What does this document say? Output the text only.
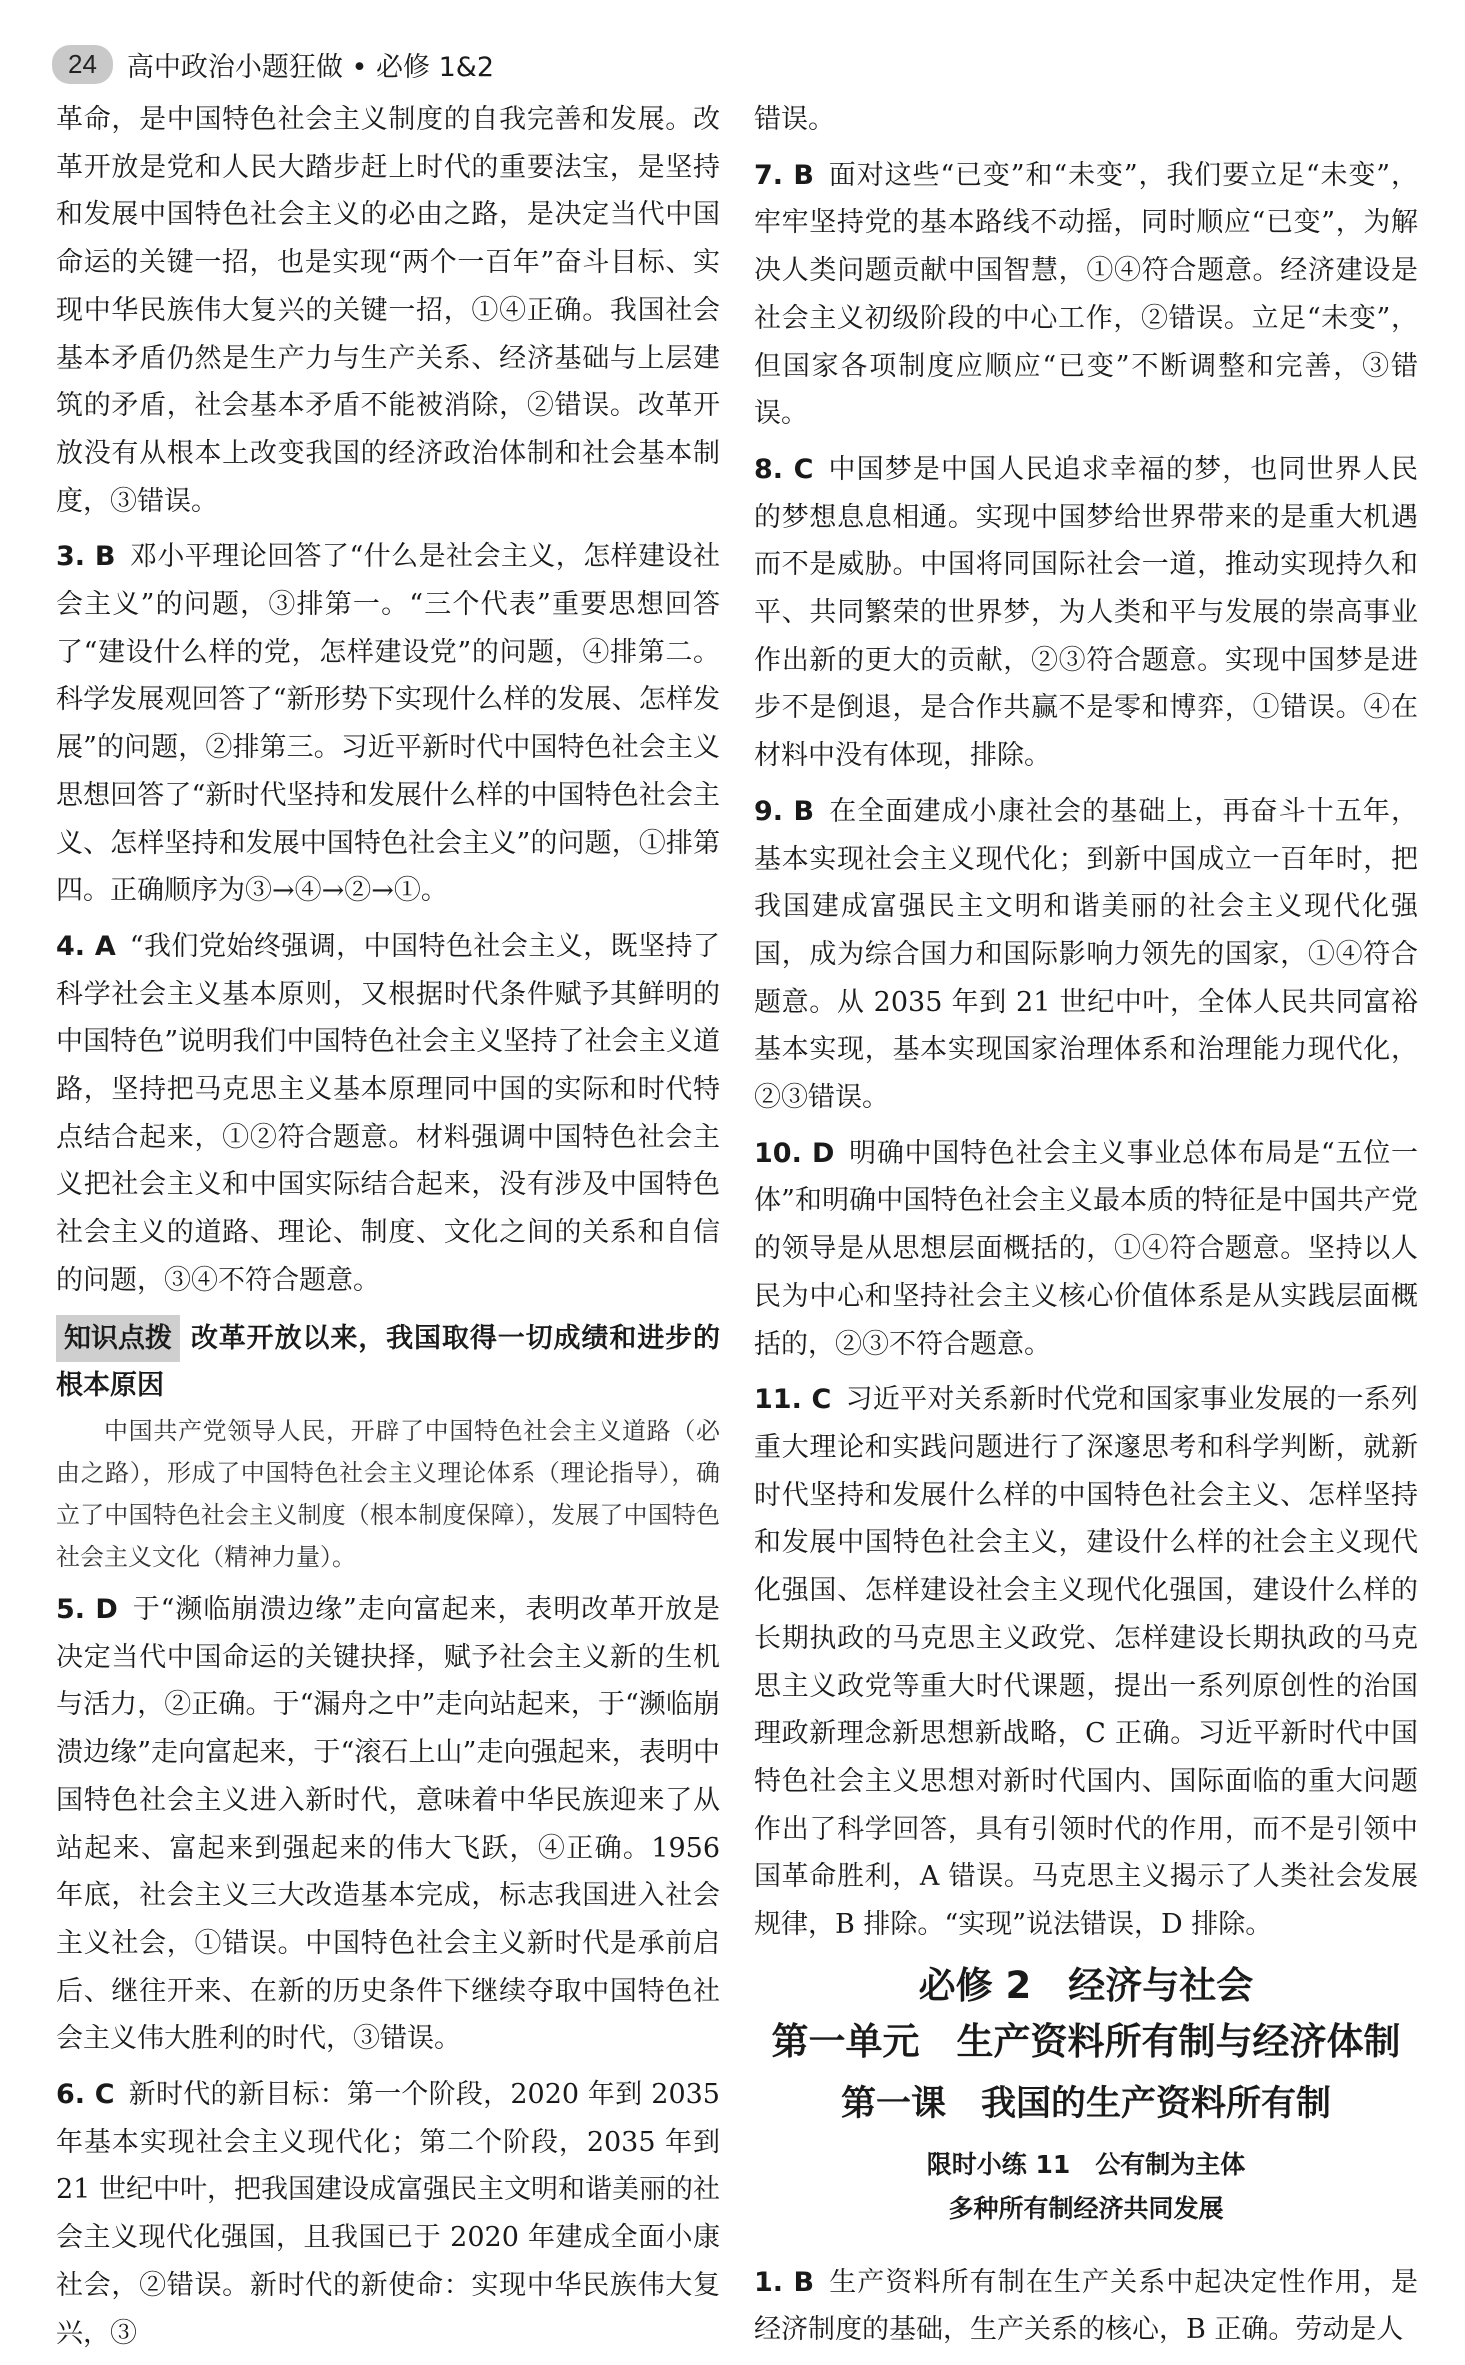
24	高中政治小题狂做 • 必修 1&2

革命，是中国特色社会主义制度的自我完善和发展。改革开放是党和人民大踏步赶上时代的重要法宝，是坚持和发展中国特色社会主义的必由之路，是决定当代中国命运的关键一招，也是实现“两个一百年”奋斗目标、实现中华民族伟大复兴的关键一招，①④正确。我国社会基本矛盾仍然是生产力与生产关系、经济基础与上层建筑的矛盾，社会基本矛盾不能被消除，②错误。改革开放没有从根本上改变我国的经济政治体制和社会基本制度，③错误。

3. B 邓小平理论回答了“什么是社会主义，怎样建设社会主义”的问题，③排第一。“三个代表”重要思想回答了“建设什么样的党，怎样建设党”的问题，④排第二。科学发展观回答了“新形势下实现什么样的发展、怎样发展”的问题，②排第三。习近平新时代中国特色社会主义思想回答了“新时代坚持和发展什么样的中国特色社会主义、怎样坚持和发展中国特色社会主义”的问题，①排第四。正确顺序为③→④→②→①。

4. A “我们党始终强调，中国特色社会主义，既坚持了科学社会主义基本原则，又根据时代条件赋予其鲜明的中国特色”说明我们中国特色社会主义坚持了社会主义道路，坚持把马克思主义基本原理同中国的实际和时代特点结合起来，①②符合题意。材料强调中国特色社会主义把社会主义和中国实际结合起来，没有涉及中国特色社会主义的道路、理论、制度、文化之间的关系和自信的问题，③④不符合题意。

知识点拨 改革开放以来，我国取得一切成绩和进步的根本原因

中国共产党领导人民，开辟了中国特色社会主义道路（必由之路），形成了中国特色社会主义理论体系（理论指导），确立了中国特色社会主义制度（根本制度保障），发展了中国特色社会主义文化（精神力量）。

5. D 于“濒临崩溃边缘”走向富起来，表明改革开放是决定当代中国命运的关键抉择，赋予社会主义新的生机与活力，②正确。于“漏舟之中”走向站起来，于“濒临崩溃边缘”走向富起来，于“滚石上山”走向强起来，表明中国特色社会主义进入新时代，意味着中华民族迎来了从站起来、富起来到强起来的伟大飞跃，④正确。1956 年底，社会主义三大改造基本完成，标志我国进入社会主义社会，①错误。中国特色社会主义新时代是承前启后、继往开来、在新的历史条件下继续夺取中国特色社会主义伟大胜利的时代，③错误。

6. C 新时代的新目标：第一个阶段，2020 年到 2035 年基本实现社会主义现代化；第二个阶段，2035 年到 21 世纪中叶，把我国建设成富强民主文明和谐美丽的社会主义现代化强国，且我国已于 2020 年建成全面小康社会，②错误。新时代的新使命：实现中华民族伟大复兴，③

错误。

7. B 面对这些“已变”和“未变”，我们要立足“未变”，牢牢坚持党的基本路线不动摇，同时顺应“已变”，为解决人类问题贡献中国智慧，①④符合题意。经济建设是社会主义初级阶段的中心工作，②错误。立足“未变”，但国家各项制度应顺应“已变”不断调整和完善，③错误。

8. C 中国梦是中国人民追求幸福的梦，也同世界人民的梦想息息相通。实现中国梦给世界带来的是重大机遇而不是威胁。中国将同国际社会一道，推动实现持久和平、共同繁荣的世界梦，为人类和平与发展的崇高事业作出新的更大的贡献，②③符合题意。实现中国梦是进步不是倒退，是合作共赢不是零和博弈，①错误。④在材料中没有体现，排除。

9. B 在全面建成小康社会的基础上，再奋斗十五年，基本实现社会主义现代化；到新中国成立一百年时，把我国建成富强民主文明和谐美丽的社会主义现代化强国，成为综合国力和国际影响力领先的国家，①④符合题意。从 2035 年到 21 世纪中叶，全体人民共同富裕基本实现，基本实现国家治理体系和治理能力现代化，②③错误。

10. D 明确中国特色社会主义事业总体布局是“五位一体”和明确中国特色社会主义最本质的特征是中国共产党的领导是从思想层面概括的，①④符合题意。坚持以人民为中心和坚持社会主义核心价值体系是从实践层面概括的，②③不符合题意。

11. C 习近平对关系新时代党和国家事业发展的一系列重大理论和实践问题进行了深邃思考和科学判断，就新时代坚持和发展什么样的中国特色社会主义、怎样坚持和发展中国特色社会主义，建设什么样的社会主义现代化强国、怎样建设社会主义现代化强国，建设什么样的长期执政的马克思主义政党、怎样建设长期执政的马克思主义政党等重大时代课题，提出一系列原创性的治国理政新理念新思想新战略，C 正确。习近平新时代中国特色社会主义思想对新时代国内、国际面临的重大问题作出了科学回答，具有引领时代的作用，而不是引领中国革命胜利，A 错误。马克思主义揭示了人类社会发展规律，B 排除。“实现”说法错误，D 排除。

必修 2　经济与社会
第一单元　生产资料所有制与经济体制
第一课　我国的生产资料所有制
限时小练 11　公有制为主体
多种所有制经济共同发展

1. B 生产资料所有制在生产关系中起决定性作用，是经济制度的基础，生产关系的核心，B 正确。劳动是人
